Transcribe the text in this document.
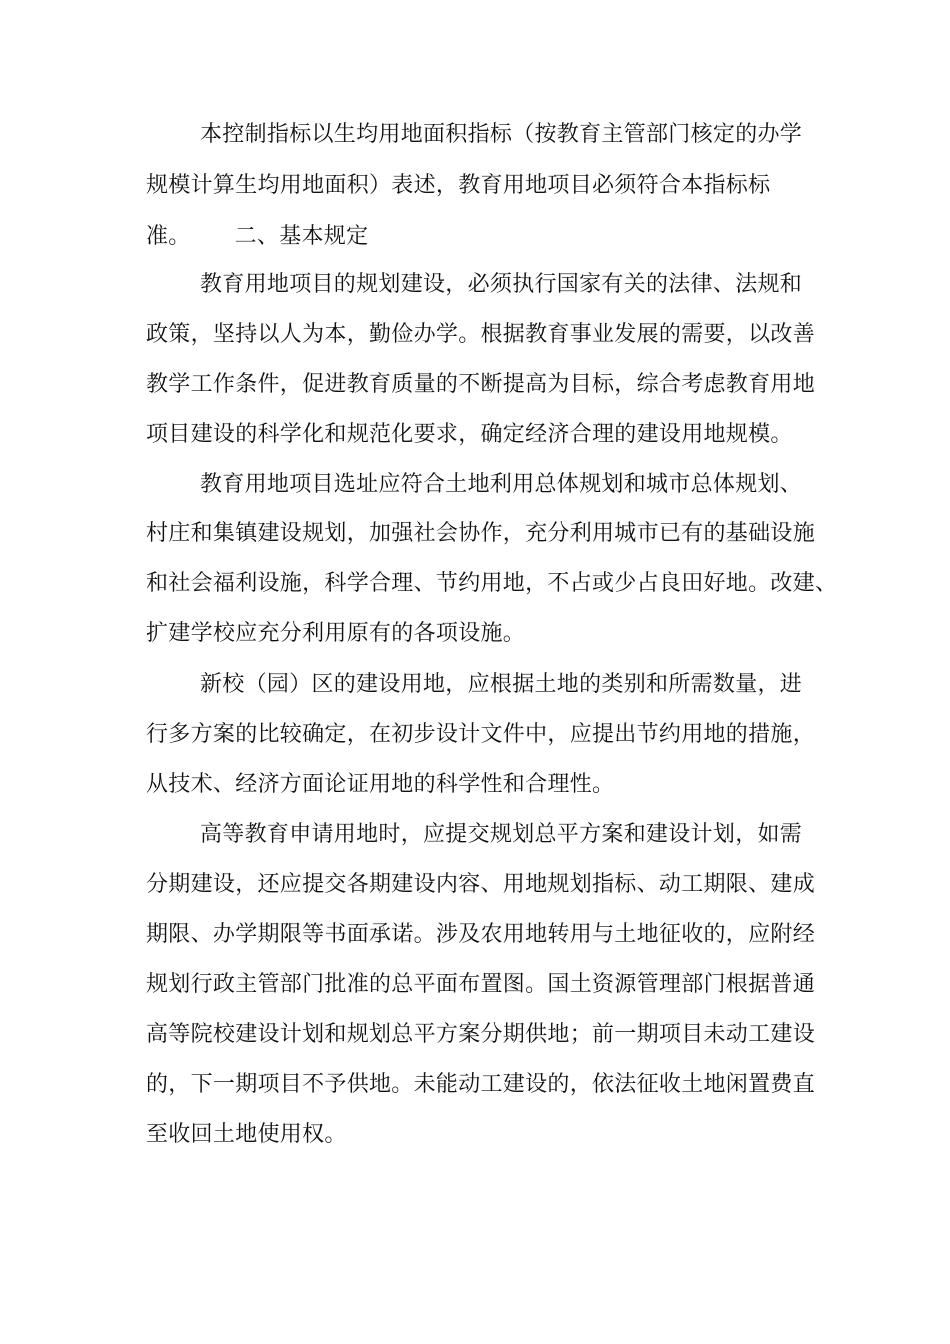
本控制指标以生均用地面积指标（按教育主管部门核定的办学
规模计算生均用地面积）表述，教育用地项目必须符合本指标标
准。 二、基本规定
教育用地项目的规划建设，必须执行国家有关的法律、法规和
政策，坚持以人为本，勤俭办学。根据教育事业发展的需要，以改善
教学工作条件，促进教育质量的不断提高为目标，综合考虑教育用地
项目建设的科学化和规范化要求，确定经济合理的建设用地规模。
教育用地项目选址应符合土地利用总体规划和城市总体规划、
村庄和集镇建设规划，加强社会协作，充分利用城市已有的基础设施
和社会福利设施，科学合理、节约用地，不占或少占良田好地。改建、
扩建学校应充分利用原有的各项设施。
新校（园）区的建设用地，应根据土地的类别和所需数量，进
行多方案的比较确定，在初步设计文件中，应提出节约用地的措施，
从技术、经济方面论证用地的科学性和合理性。
高等教育申请用地时，应提交规划总平方案和建设计划，如需
分期建设，还应提交各期建设内容、用地规划指标、动工期限、建成
期限、办学期限等书面承诺。涉及农用地转用与土地征收的，应附经
规划行政主管部门批准的总平面布置图。国土资源管理部门根据普通
高等院校建设计划和规划总平方案分期供地；前一期项目未动工建设
的，下一期项目不予供地。未能动工建设的，依法征收土地闲置费直
至收回土地使用权。
